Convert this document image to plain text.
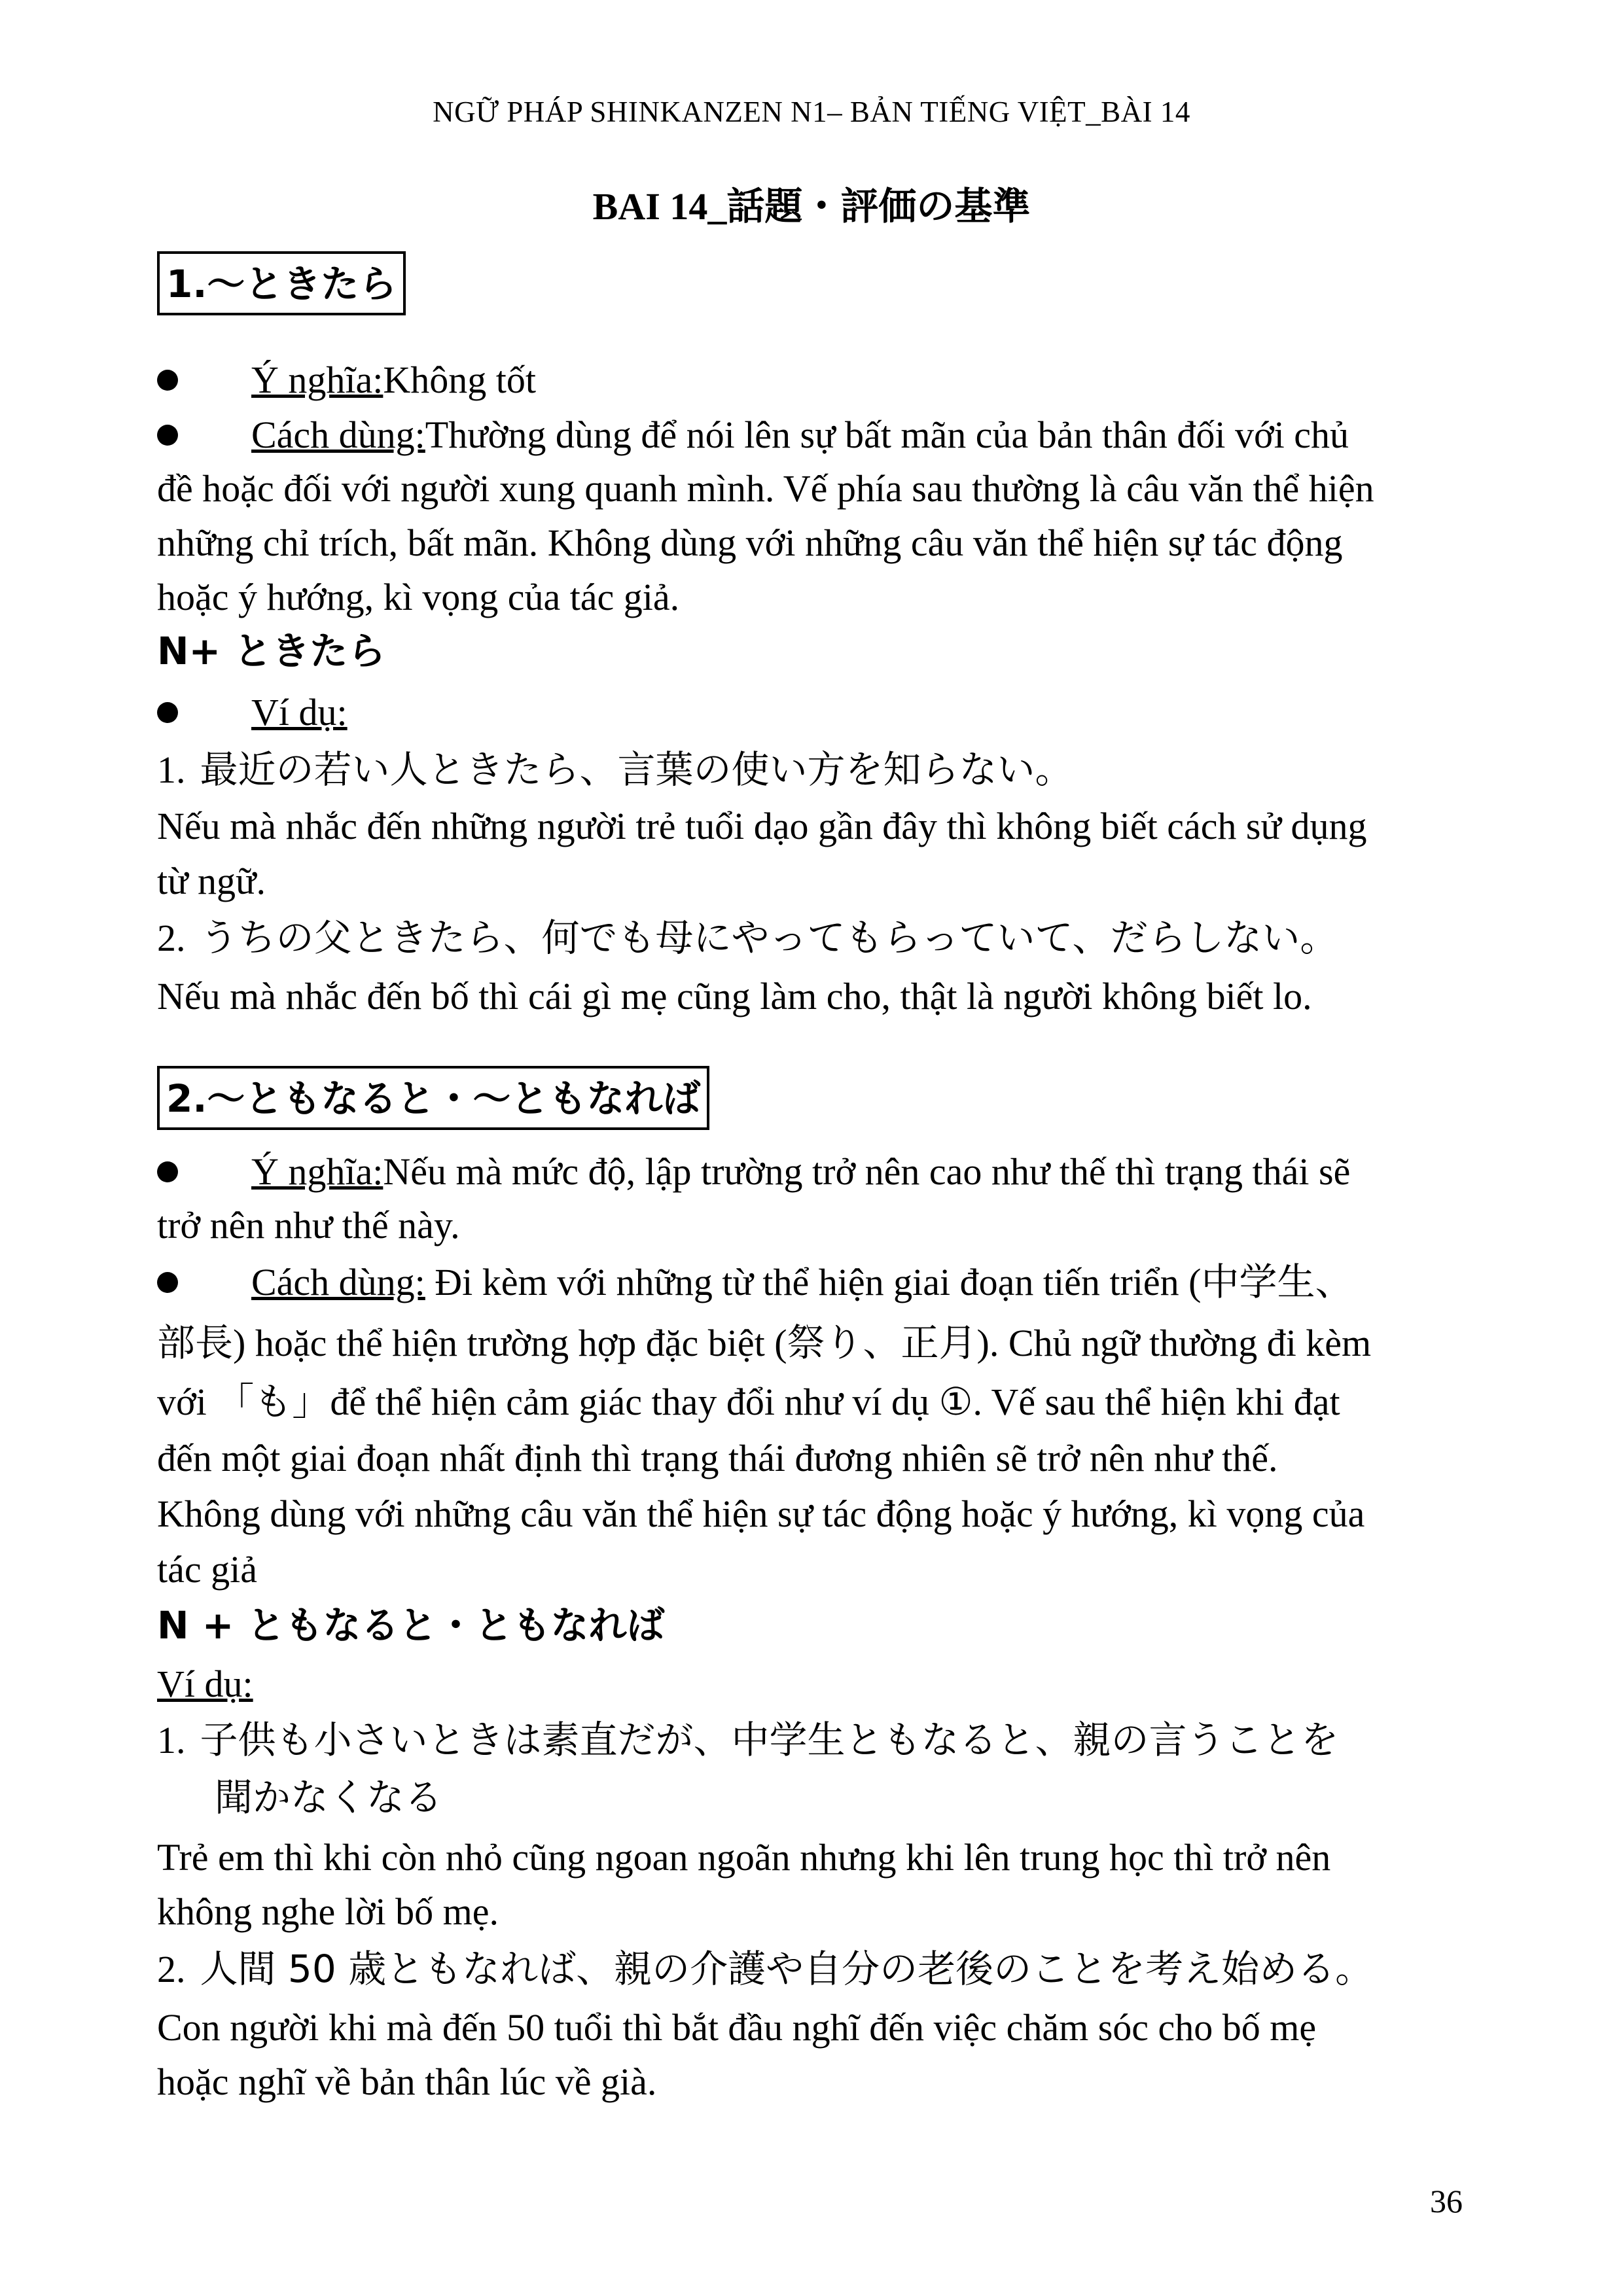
NGỮ PHÁP SHINKANZEN N1– BẢN TIẾNG VIỆT_BÀI 14
BAI 14_話題・評価の基準
1.～ときたら
Ý nghĩa:Không tốt
Cách dùng:Thường dùng để nói lên sự bất mãn của bản thân đối với chủ
đề hoặc đối với người xung quanh mình. Vế phía sau thường là câu văn thể hiện
những chỉ trích, bất mãn. Không dùng với những câu văn thể hiện sự tác động
hoặc ý hướng, kì vọng của tác giả.
N+ ときたら
Ví dụ:
1. 最近の若い人ときたら、言葉の使い方を知らない。
Nếu mà nhắc đến những người trẻ tuổi dạo gần đây thì không biết cách sử dụng
từ ngữ.
2. うちの父ときたら、何でも母にやってもらっていて、だらしない。
Nếu mà nhắc đến bố thì cái gì mẹ cũng làm cho, thật là người không biết lo.
2.～ともなると・～ともなれば
Ý nghĩa:Nếu mà mức độ, lập trường trở nên cao như thế thì trạng thái sẽ
trở nên như thế này.
Cách dùng: Đi kèm với những từ thể hiện giai đoạn tiến triển (中学生、
部長) hoặc thể hiện trường hợp đặc biệt (祭り、正月). Chủ ngữ thường đi kèm
với 「も」để thể hiện cảm giác thay đổi như ví dụ ①. Vế sau thể hiện khi đạt
đến một giai đoạn nhất định thì trạng thái đương nhiên sẽ trở nên như thế.
Không dùng với những câu văn thể hiện sự tác động hoặc ý hướng, kì vọng của
tác giả
N + ともなると・ともなれば
Ví dụ:
1. 子供も小さいときは素直だが、中学生ともなると、親の言うことを
聞かなくなる
Trẻ em thì khi còn nhỏ cũng ngoan ngoãn nhưng khi lên trung học thì trở nên
không nghe lời bố mẹ.
2. 人間 50 歳ともなれば、親の介護や自分の老後のことを考え始める。
Con người khi mà đến 50 tuổi thì bắt đầu nghĩ đến việc chăm sóc cho bố mẹ
hoặc nghĩ về bản thân lúc về già.
36
